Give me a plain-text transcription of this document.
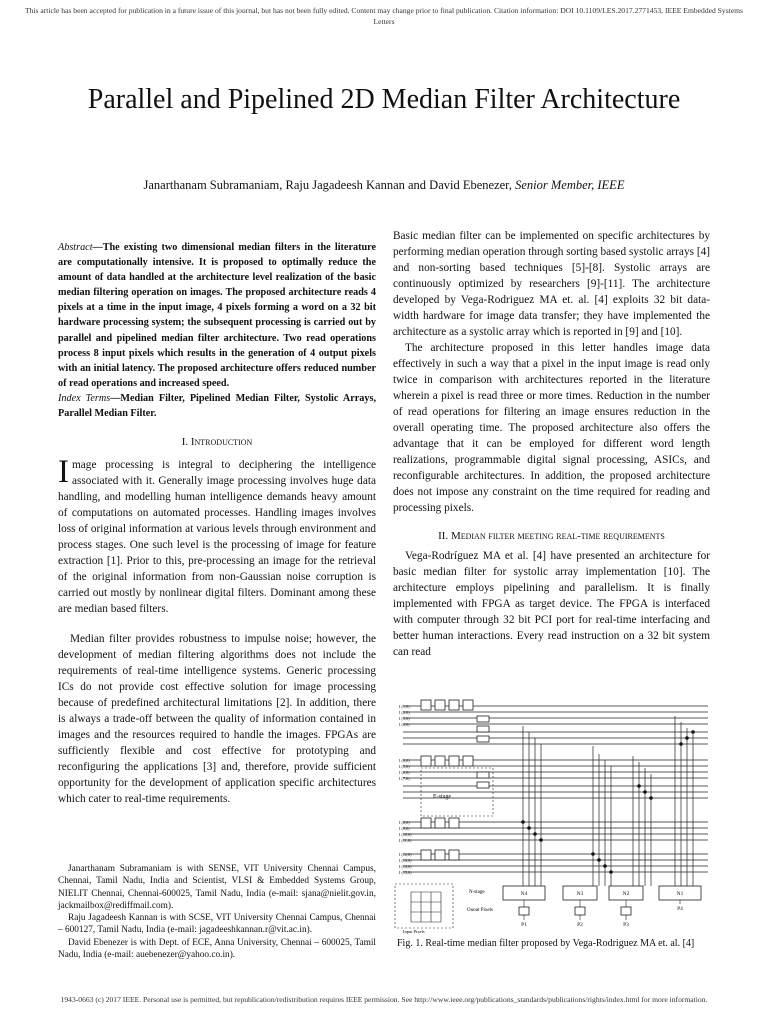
This article has been accepted for publication in a future issue of this journal, but has not been fully edited. Content may change prior to final publication. Citation information: DOI 10.1109/LES.2017.2771453, IEEE Embedded Systems Letters
Parallel and Pipelined 2D Median Filter Architecture
Janarthanam Subramaniam, Raju Jagadeesh Kannan and David Ebenezer, Senior Member, IEEE

Abstract—The existing two dimensional median filters in the literature are computationally intensive. It is proposed to optimally reduce the amount of data handled at the architecture level realization of the basic median filtering operation on images. The proposed architecture reads 4 pixels at a time in the input image, 4 pixels forming a word on a 32 bit hardware processing system; the subsequent processing is carried out by parallel and pipelined median filter architecture. Two read operations process 8 input pixels which results in the generation of 4 output pixels with an initial latency. The proposed architecture offers reduced number of read operations and increased speed.

Index Terms—Median Filter, Pipelined Median Filter, Systolic Arrays, Parallel Median Filter.

I. Introduction

Image processing is integral to deciphering the intelligence associated with it. Generally image processing involves huge data handling, and modelling human intelligence demands heavy amount of computations on automated processes. Handling images involves loss of original information at various levels through environment and process stages. One such level is the processing of image for feature extraction [1]. Prior to this, pre-processing an image for the retrieval of the original information from non-Gaussian noise corruption is carried out mostly by nonlinear digital filters. Dominant among these are median based filters.

Median filter provides robustness to impulse noise; however, the development of median filtering algorithms does not include the requirements of real-time intelligence systems. Generic processing ICs do not provide cost effective solution for image processing because of predefined architectural limitations [2]. In addition, there is always a trade-off between the quality of information contained in images and the resources required to handle the images. FPGAs are sufficiently flexible and cost effective for prototyping and reconfiguring the applications [3] and, therefore, provide sufficient opportunity for the development of application specific architectures which cater to real-time requirements.

Janarthanam Subramaniam is with SENSE, VIT University Chennai Campus, Chennai, Tamil Nadu, India and Scientist, VLSI & Embedded Systems Group, NIELIT Chennai, Chennai-600025, Tamil Nadu, India (e-mail: sjana@nielit.gov.in, jackmailbox@rediffmail.com).

Raju Jagadeesh Kannan is with SCSE, VIT University Chennai Campus, Chennai – 600127, Tamil Nadu, India (e-mail: jagadeeshkannan.r@vit.ac.in).

David Ebenezer is with Dept. of ECE, Anna University, Chennai – 600025, Tamil Nadu, India (e-mail: auebenezer@yahoo.co.in).

Basic median filter can be implemented on specific architectures by performing median operation through sorting based systolic arrays [4] and non-sorting based techniques [5]-[8]. Systolic arrays are continuously optimized by researchers [9]-[11]. The architecture developed by Vega-Rodriguez MA et. al. [4] exploits 32 bit data-width hardware for image data transfer; they have implemented the architecture as a systolic array which is reported in [9] and [10].

The architecture proposed in this letter handles image data effectively in such a way that a pixel in the input image is read only twice in comparison with architectures reported in the literature wherein a pixel is read three or more times. Reduction in the number of read operations for filtering an image ensures reduction in the overall operating time. The proposed architecture also offers the advantage that it can be employed for different word length realizations, programmable digital signal processing, ASICs, and reconfigurable architectures. In addition, the proposed architecture does not impose any constraint on the time required for reading and processing pixels.

II. Median filter meeting real-time requirements

Vega-Rodríguez MA et al. [4] have presented an architecture for basic median filter for systolic array implementation [10]. The architecture employs pipelining and parallelism. It is finally implemented with FPGA as target device. The FPGA is interfaced with computer through 32 bit PCI port for real-time interfacing and better human interactions. Every read instruction on a 32 bit system can read

E-stage
I (1,0)
I (2,0)
I (3,0)
I (4,0)
I (0,0)
I (5,0)
I (6,0)
I (7,0)
I (8,0)
I (9,0)
I (10,0)
I (11,0)
I (12,0)
I (13,0)
I (14,0)
I (15,0)
N-stage
Ouout Pixels
N4	N3	N2	N1
P1	P2	P3
P4
Input Pixels
Fig. 1. Real-time median filter proposed by Vega-Rodriguez MA et. al. [4]
1943-0663 (c) 2017 IEEE. Personal use is permitted, but republication/redistribution requires IEEE permission. See http://www.ieee.org/publications_standards/publications/rights/index.html for more information.
